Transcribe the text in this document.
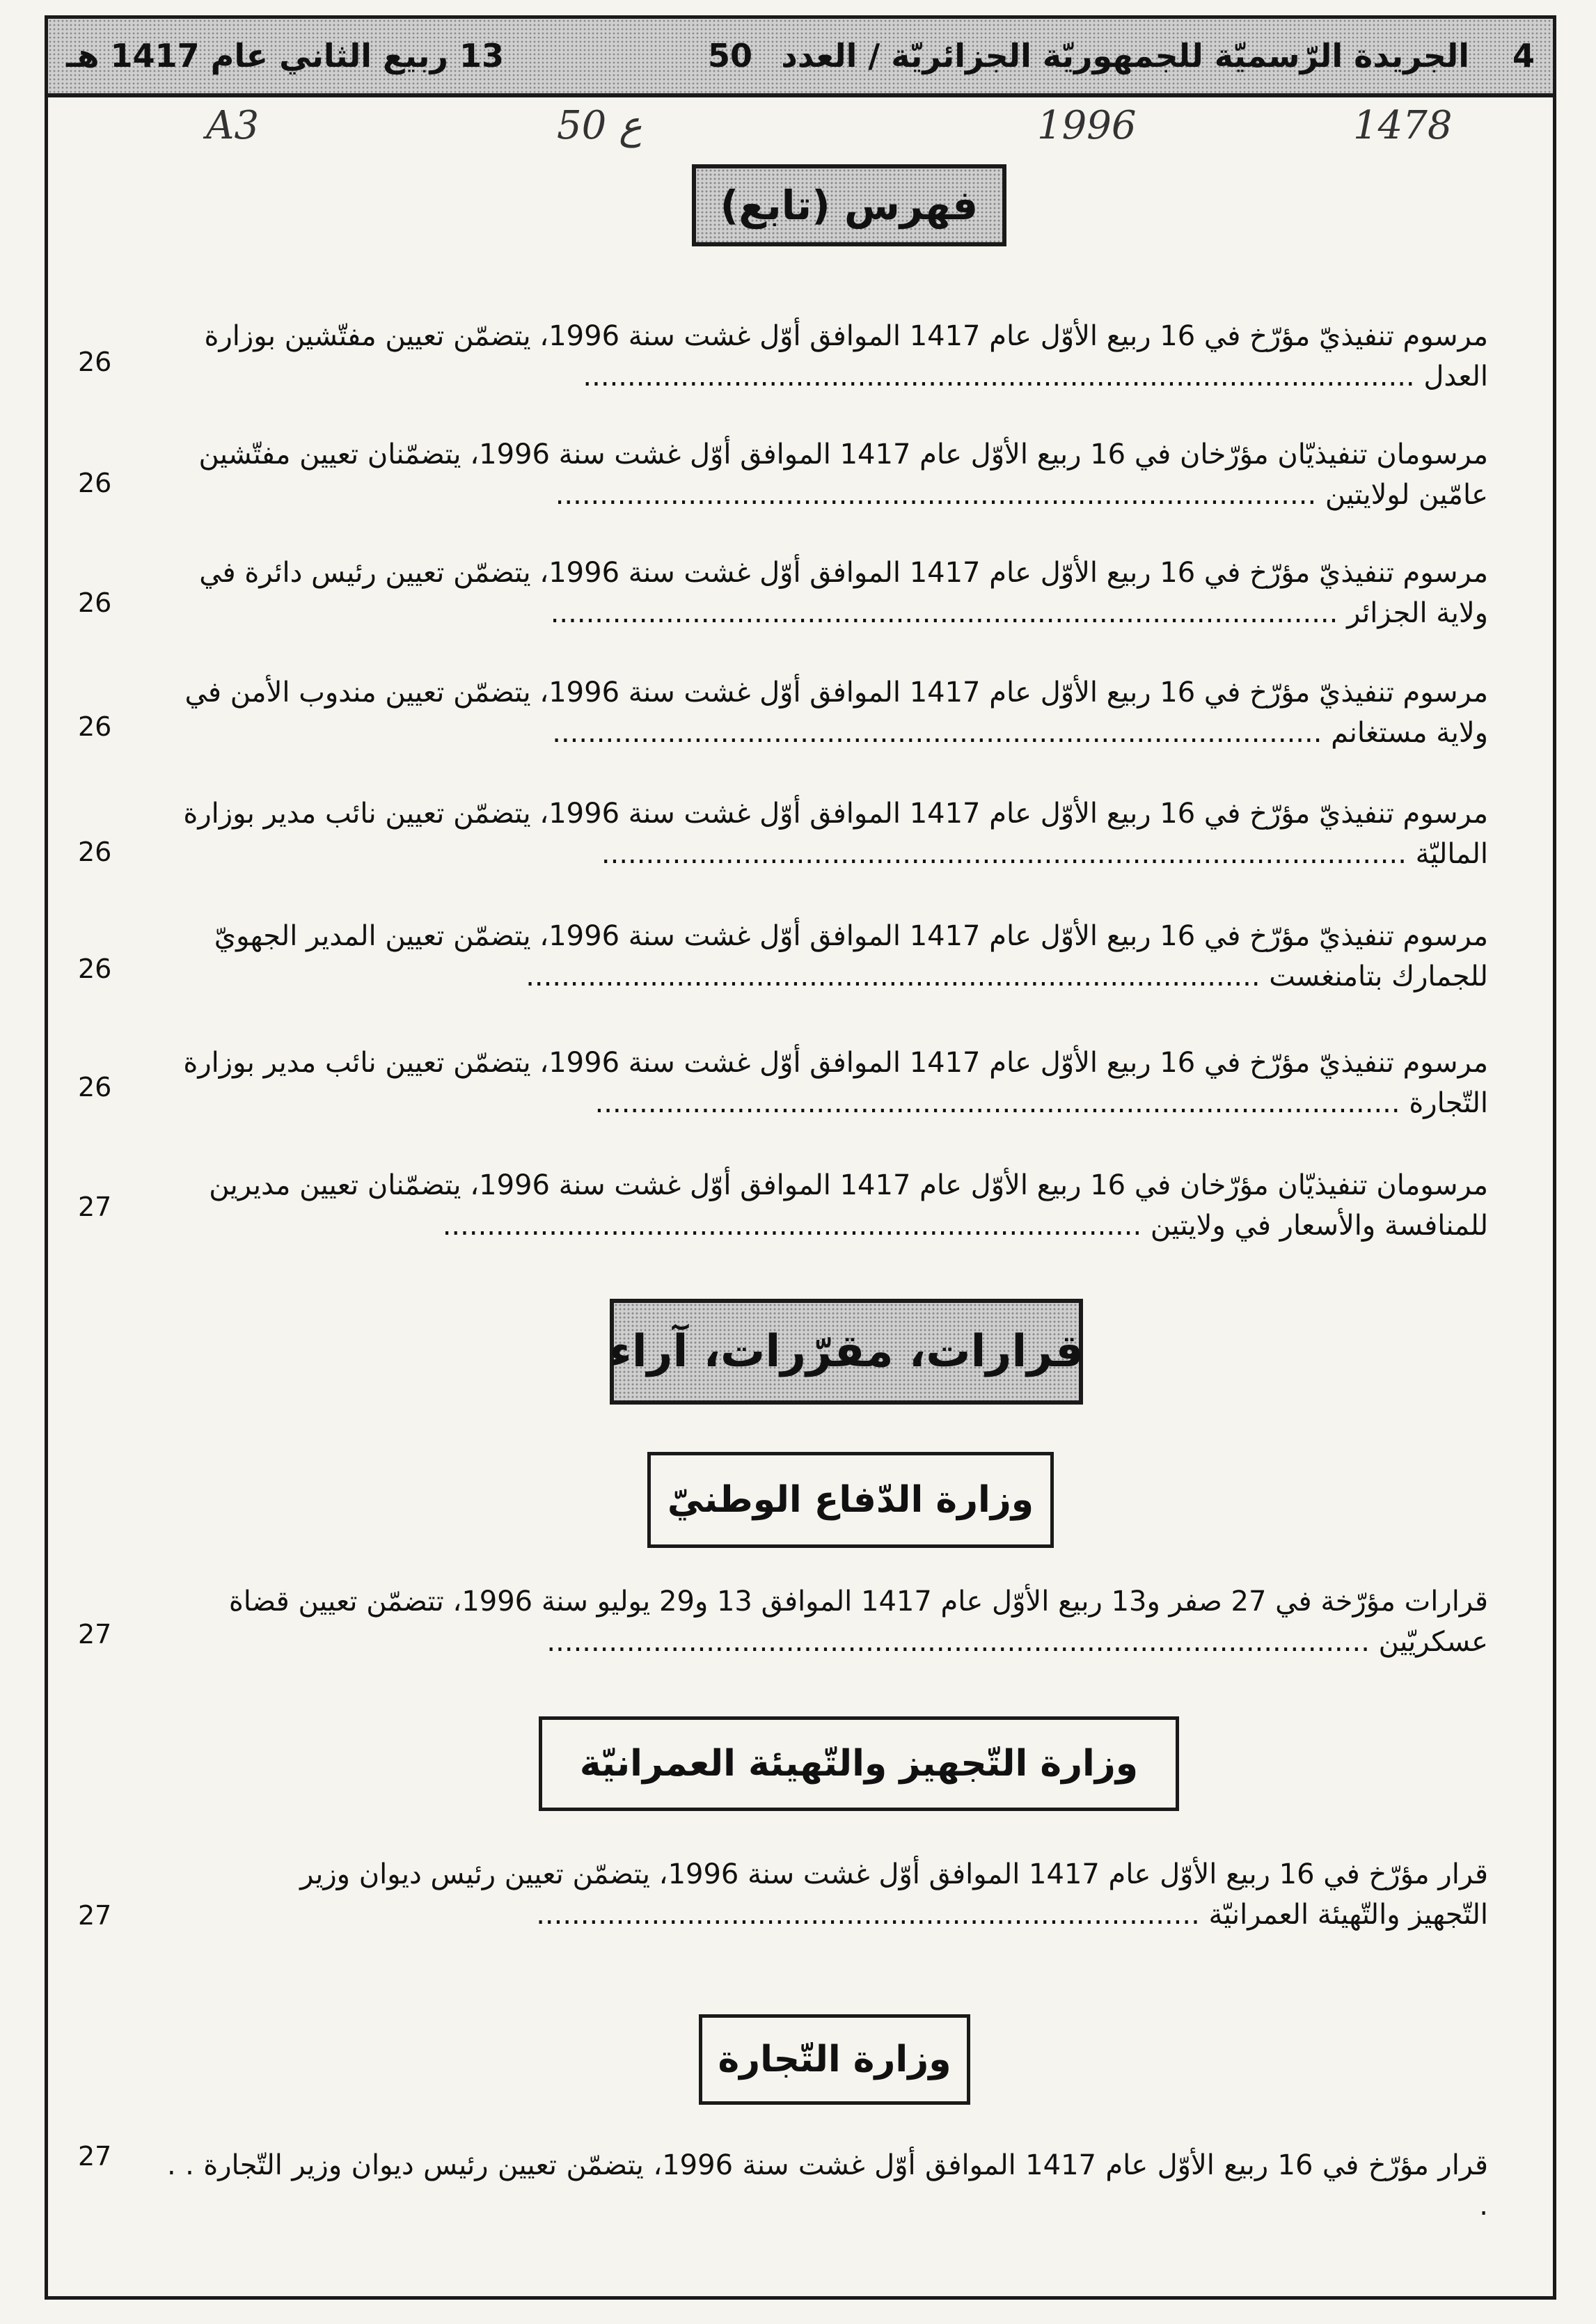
4
الجريدة الرّسميّة للجمهوريّة الجزائريّة / العدد
50
13 ربيع الثاني عام 1417 هـ
A3	ع 50	1996	1478
فهرس (تابع)
مرسوم تنفيذيّ مؤرّخ في 16 ربيع الأوّل عام 1417 الموافق أوّل غشت سنة 1996، يتضمّن تعيين مفتّشين بوزارة
العدل ..............................................................................................
26
مرسومان تنفيذيّان مؤرّخان في 16 ربيع الأوّل عام 1417 الموافق أوّل غشت سنة 1996، يتضمّنان تعيين مفتّشين
عامّين لولايتين ......................................................................................
26
مرسوم تنفيذيّ مؤرّخ في 16 ربيع الأوّل عام 1417 الموافق أوّل غشت سنة 1996، يتضمّن تعيين رئيس دائرة في
ولاية الجزائر .........................................................................................
26
مرسوم تنفيذيّ مؤرّخ في 16 ربيع الأوّل عام 1417 الموافق أوّل غشت سنة 1996، يتضمّن تعيين مندوب الأمن في
ولاية مستغانم .......................................................................................
26
مرسوم تنفيذيّ مؤرّخ في 16 ربيع الأوّل عام 1417 الموافق أوّل غشت سنة 1996، يتضمّن تعيين نائب مدير بوزارة
الماليّة ...........................................................................................
26
مرسوم تنفيذيّ مؤرّخ في 16 ربيع الأوّل عام 1417 الموافق أوّل غشت سنة 1996، يتضمّن تعيين المدير الجهويّ
للجمارك بتامنغست ...................................................................................
26
مرسوم تنفيذيّ مؤرّخ في 16 ربيع الأوّل عام 1417 الموافق أوّل غشت سنة 1996، يتضمّن تعيين نائب مدير بوزارة
التّجارة ...........................................................................................
26
مرسومان تنفيذيّان مؤرّخان في 16 ربيع الأوّل عام 1417 الموافق أوّل غشت سنة 1996، يتضمّنان تعيين مديرين
للمنافسة والأسعار في ولايتين ...............................................................................
27
قرارات، مقرّرات، آراء
وزارة الدّفاع الوطنيّ
قرارات مؤرّخة في 27 صفر و13 ربيع الأوّل عام 1417 الموافق 13 و29 يوليو سنة 1996، تتضمّن تعيين قضاة
عسكريّين .............................................................................................
27
وزارة التّجهيز والتّهيئة العمرانيّة
قرار مؤرّخ في 16 ربيع الأوّل عام 1417 الموافق أوّل غشت سنة 1996، يتضمّن تعيين رئيس ديوان وزير
التّجهيز والتّهيئة العمرانيّة ...........................................................................
27
وزارة التّجارة
قرار مؤرّخ في 16 ربيع الأوّل عام 1417 الموافق أوّل غشت سنة 1996، يتضمّن تعيين رئيس ديوان وزير التّجارة . . .
27
